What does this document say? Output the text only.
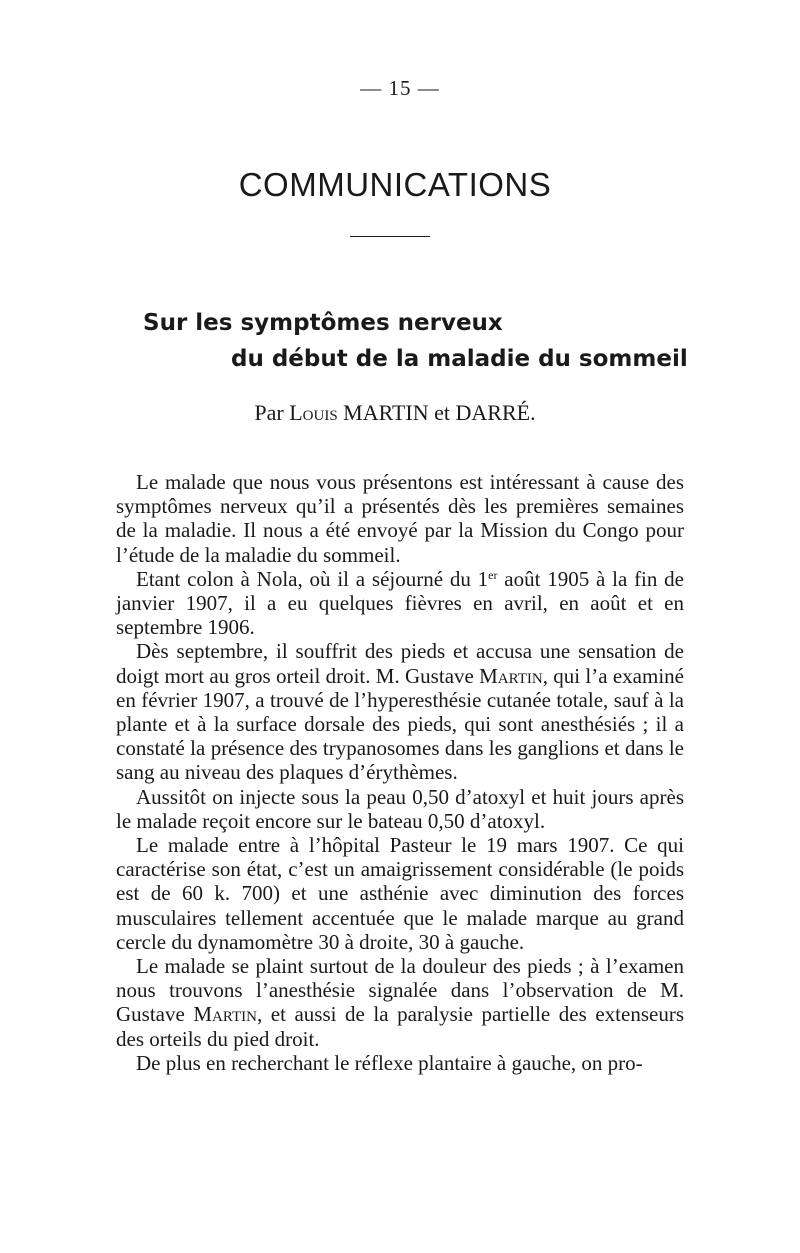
— 15 —
COMMUNICATIONS
Sur les symptômes nerveux
du début de la maladie du sommeil
Par Louis MARTIN et DARRÉ.

Le malade que nous vous présentons est intéressant à cause des symptômes nerveux qu’il a présentés dès les premières semaines de la maladie. Il nous a été envoyé par la Mission du Congo pour l’étude de la maladie du sommeil.

Etant colon à Nola, où il a séjourné du 1er août 1905 à la fin de janvier 1907, il a eu quelques fièvres en avril, en août et en septembre 1906.

Dès septembre, il souffrit des pieds et accusa une sensation de doigt mort au gros orteil droit. M. Gustave Martin, qui l’a examiné en février 1907, a trouvé de l’hyperesthésie cutanée totale, sauf à la plante et à la surface dorsale des pieds, qui sont anesthésiés ; il a constaté la présence des trypanosomes dans les ganglions et dans le sang au niveau des plaques d’érythèmes.

Aussitôt on injecte sous la peau 0,50 d’atoxyl et huit jours après le malade reçoit encore sur le bateau 0,50 d’atoxyl.

Le malade entre à l’hôpital Pasteur le 19 mars 1907. Ce qui caractérise son état, c’est un amaigrissement considérable (le poids est de 60 k. 700) et une asthénie avec diminution des forces musculaires tellement accentuée que le malade marque au grand cercle du dynamomètre 30 à droite, 30 à gauche.

Le malade se plaint surtout de la douleur des pieds ; à l’examen nous trouvons l’anesthésie signalée dans l’observation de M. Gustave Martin, et aussi de la paralysie partielle des extenseurs des orteils du pied droit.

De plus en recherchant le réflexe plantaire à gauche, on pro-
